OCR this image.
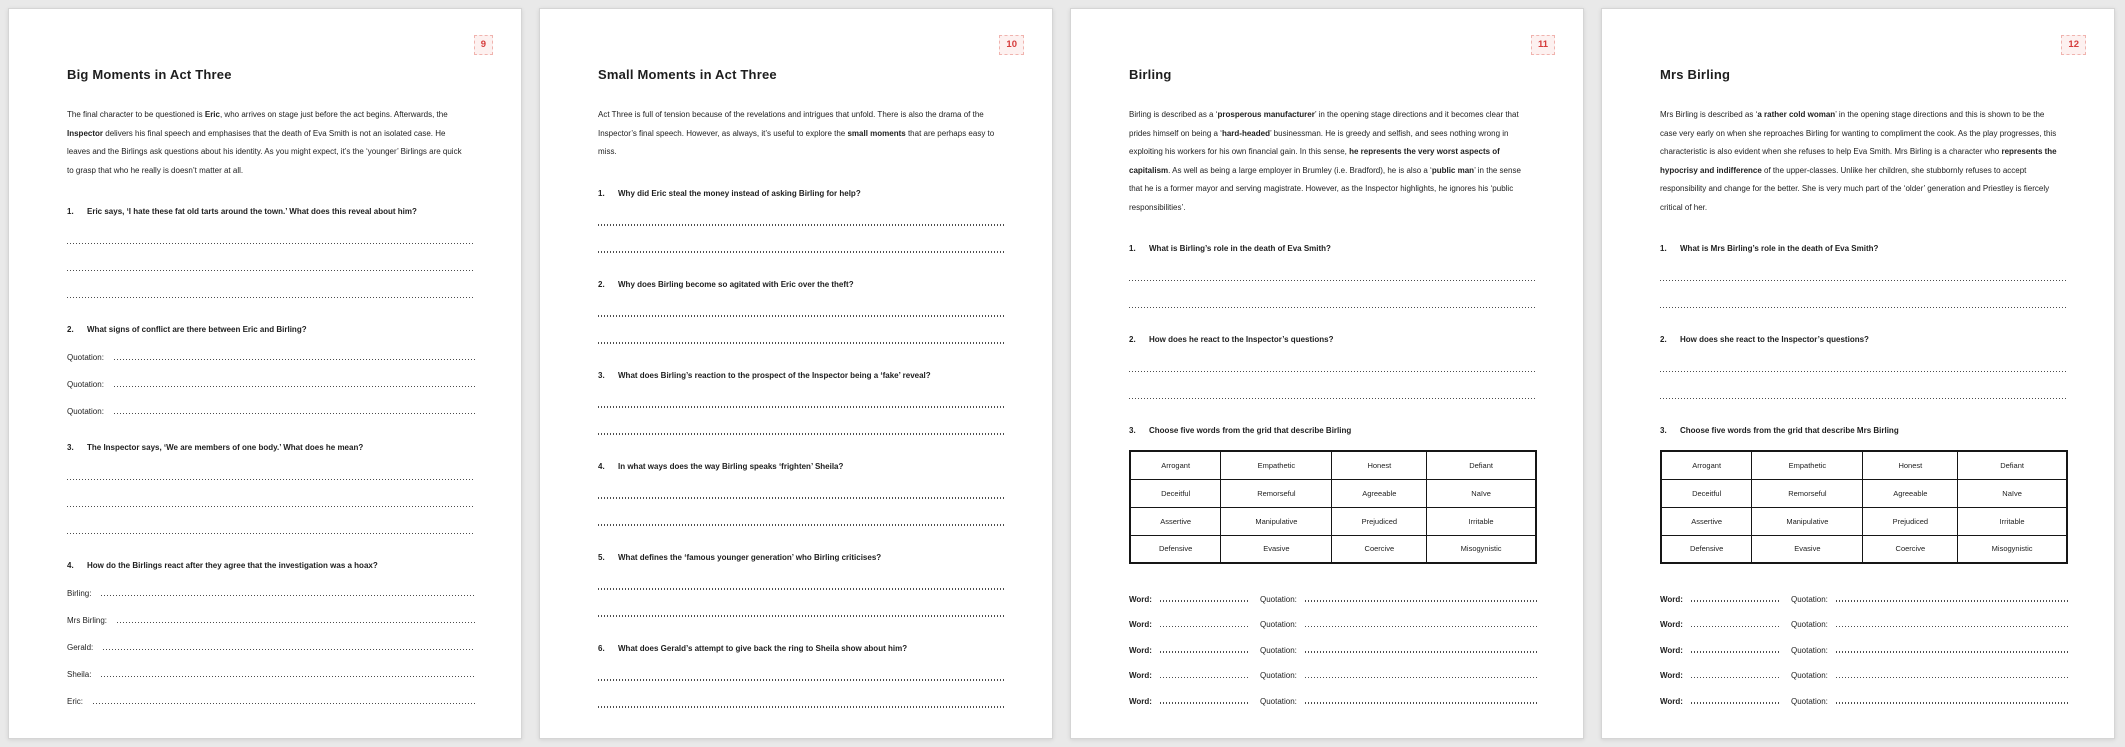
9
Big Moments in Act Three

The final character to be questioned is Eric, who arrives on stage just before the act begins. Afterwards, the Inspector delivers his final speech and emphasises that the death of Eva Smith is not an isolated case. He leaves and the Birlings ask questions about his identity. As you might expect, it’s the ‘younger’ Birlings are quick to grasp that who he really is doesn’t matter at all.

1.	Eric says, ‘I hate these fat old tarts around the town.’ What does this reveal about him?
2.	What signs of conflict are there between Eric and Birling?
Quotation:
Quotation:
Quotation:
3.	The Inspector says, ‘We are members of one body.’ What does he mean?
4.	How do the Birlings react after they agree that the investigation was a hoax?
Birling:
Mrs Birling:
Gerald:
Sheila:
Eric:
10
Small Moments in Act Three

Act Three is full of tension because of the revelations and intrigues that unfold. There is also the drama of the Inspector’s final speech. However, as always, it’s useful to explore the small moments that are perhaps easy to miss.

1.	Why did Eric steal the money instead of asking Birling for help?
2.	Why does Birling become so agitated with Eric over the theft?
3.	What does Birling’s reaction to the prospect of the Inspector being a ‘fake’ reveal?
4.	In what ways does the way Birling speaks ‘frighten’ Sheila?
5.	What defines the ‘famous younger generation’ who Birling criticises?
6.	What does Gerald’s attempt to give back the ring to Sheila show about him?
11
Birling

Birling is described as a ‘prosperous manufacturer’ in the opening stage directions and it becomes clear that prides himself on being a ‘hard-headed’ businessman. He is greedy and selfish, and sees nothing wrong in exploiting his workers for his own financial gain. In this sense, he represents the very worst aspects of capitalism. As well as being a large employer in Brumley (i.e. Bradford), he is also a ‘public man’ in the sense that he is a former mayor and serving magistrate. However, as the Inspector highlights, he ignores his ‘public responsibilities’.

1.	What is Birling’s role in the death of Eva Smith?
2.	How does he react to the Inspector’s questions?
3.	Choose five words from the grid that describe Birling
Arrogant	Empathetic	Honest	Defiant
Deceitful	Remorseful	Agreeable	Naïve
Assertive	Manipulative	Prejudiced	Irritable
Defensive	Evasive	Coercive	Misogynistic
Word:	Quotation:
Word:	Quotation:
Word:	Quotation:
Word:	Quotation:
Word:	Quotation:
12
Mrs Birling

Mrs Birling is described as ‘a rather cold woman’ in the opening stage directions and this is shown to be the case very early on when she reproaches Birling for wanting to compliment the cook. As the play progresses, this characteristic is also evident when she refuses to help Eva Smith. Mrs Birling is a character who represents the hypocrisy and indifference of the upper-classes. Unlike her children, she stubbornly refuses to accept responsibility and change for the better. She is very much part of the ‘older’ generation and Priestley is fiercely critical of her.

1.	What is Mrs Birling’s role in the death of Eva Smith?
2.	How does she react to the Inspector’s questions?
3.	Choose five words from the grid that describe Mrs Birling
Arrogant	Empathetic	Honest	Defiant
Deceitful	Remorseful	Agreeable	Naïve
Assertive	Manipulative	Prejudiced	Irritable
Defensive	Evasive	Coercive	Misogynistic
Word:	Quotation:
Word:	Quotation:
Word:	Quotation:
Word:	Quotation:
Word:	Quotation:
